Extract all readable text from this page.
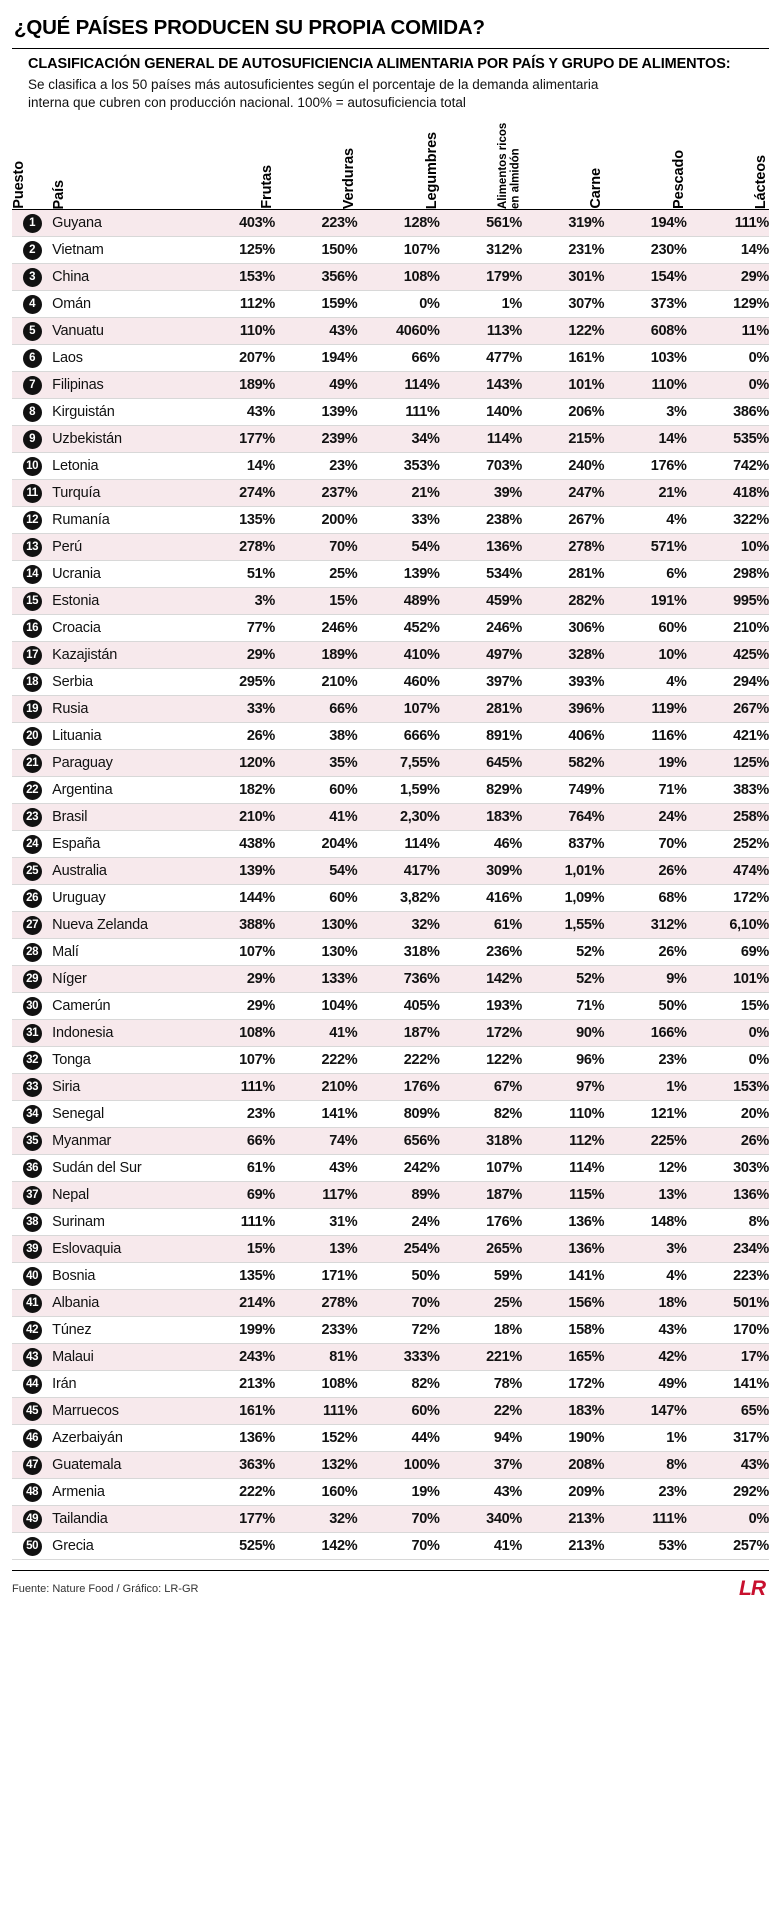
¿QUÉ PAÍSES PRODUCEN SU PROPIA COMIDA?
CLASIFICACIÓN GENERAL DE AUTOSUFICIENCIA ALIMENTARIA POR PAÍS Y GRUPO DE ALIMENTOS:
Se clasifica a los 50 países más autosuficientes según el porcentaje de la demanda alimentaria interna que cubren con producción nacional. 100% = autosuficiencia total
Puesto	País	Frutas	Verduras	Legumbres	Alimentos ricos en almidón	Carne	Pescado	Lácteos

1	Guyana	403%	223%	128%	561%	319%	194%	111%
2	Vietnam	125%	150%	107%	312%	231%	230%	14%
3	China	153%	356%	108%	179%	301%	154%	29%
4	Omán	112%	159%	0%	1%	307%	373%	129%
5	Vanuatu	110%	43%	4060%	113%	122%	608%	11%
6	Laos	207%	194%	66%	477%	161%	103%	0%
7	Filipinas	189%	49%	114%	143%	101%	110%	0%
8	Kirguistán	43%	139%	111%	140%	206%	3%	386%
9	Uzbekistán	177%	239%	34%	114%	215%	14%	535%
10	Letonia	14%	23%	353%	703%	240%	176%	742%
11	Turquía	274%	237%	21%	39%	247%	21%	418%
12	Rumanía	135%	200%	33%	238%	267%	4%	322%
13	Perú	278%	70%	54%	136%	278%	571%	10%
14	Ucrania	51%	25%	139%	534%	281%	6%	298%
15	Estonia	3%	15%	489%	459%	282%	191%	995%
16	Croacia	77%	246%	452%	246%	306%	60%	210%
17	Kazajistán	29%	189%	410%	497%	328%	10%	425%
18	Serbia	295%	210%	460%	397%	393%	4%	294%
19	Rusia	33%	66%	107%	281%	396%	119%	267%
20	Lituania	26%	38%	666%	891%	406%	116%	421%
21	Paraguay	120%	35%	7,55%	645%	582%	19%	125%
22	Argentina	182%	60%	1,59%	829%	749%	71%	383%
23	Brasil	210%	41%	2,30%	183%	764%	24%	258%
24	España	438%	204%	114%	46%	837%	70%	252%
25	Australia	139%	54%	417%	309%	1,01%	26%	474%
26	Uruguay	144%	60%	3,82%	416%	1,09%	68%	172%
27	Nueva Zelanda	388%	130%	32%	61%	1,55%	312%	6,10%
28	Malí	107%	130%	318%	236%	52%	26%	69%
29	Níger	29%	133%	736%	142%	52%	9%	101%
30	Camerún	29%	104%	405%	193%	71%	50%	15%
31	Indonesia	108%	41%	187%	172%	90%	166%	0%
32	Tonga	107%	222%	222%	122%	96%	23%	0%
33	Siria	111%	210%	176%	67%	97%	1%	153%
34	Senegal	23%	141%	809%	82%	110%	121%	20%
35	Myanmar	66%	74%	656%	318%	112%	225%	26%
36	Sudán del Sur	61%	43%	242%	107%	114%	12%	303%
37	Nepal	69%	117%	89%	187%	115%	13%	136%
38	Surinam	111%	31%	24%	176%	136%	148%	8%
39	Eslovaquia	15%	13%	254%	265%	136%	3%	234%
40	Bosnia	135%	171%	50%	59%	141%	4%	223%
41	Albania	214%	278%	70%	25%	156%	18%	501%
42	Túnez	199%	233%	72%	18%	158%	43%	170%
43	Malaui	243%	81%	333%	221%	165%	42%	17%
44	Irán	213%	108%	82%	78%	172%	49%	141%
45	Marruecos	161%	111%	60%	22%	183%	147%	65%
46	Azerbaiyán	136%	152%	44%	94%	190%	1%	317%
47	Guatemala	363%	132%	100%	37%	208%	8%	43%
48	Armenia	222%	160%	19%	43%	209%	23%	292%
49	Tailandia	177%	32%	70%	340%	213%	111%	0%
50	Grecia	525%	142%	70%	41%	213%	53%	257%
Fuente: Nature Food / Gráfico: LR-GR	LR
